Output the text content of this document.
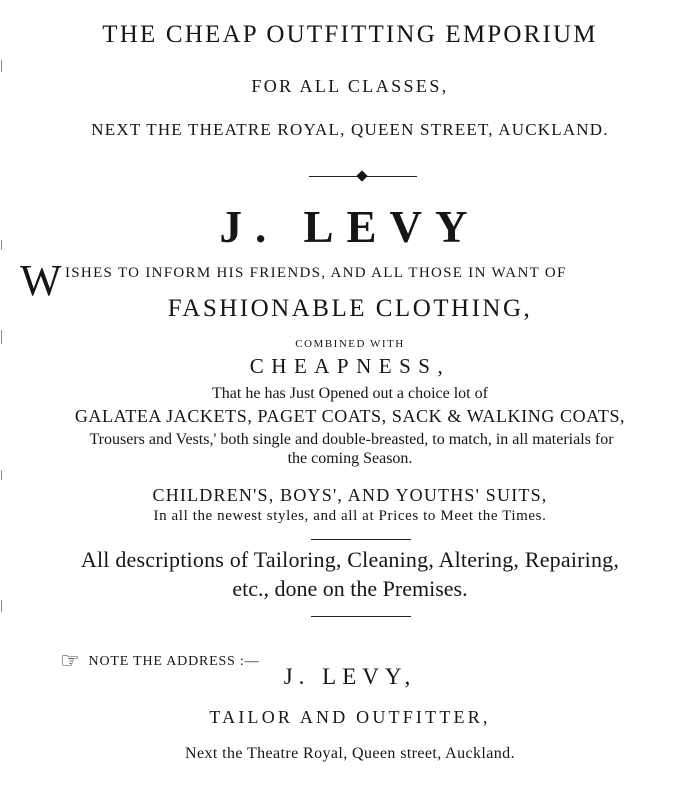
THE CHEAP OUTFITTING EMPORIUM
FOR ALL CLASSES,
NEXT THE THEATRE ROYAL, QUEEN STREET, AUCKLAND.
J. LEVY
W ISHES TO INFORM HIS FRIENDS, AND ALL THOSE IN WANT OF
FASHIONABLE CLOTHING,
COMBINED WITH
CHEAPNESS,
That he has Just Opened out a choice lot of
GALATEA JACKETS, PAGET COATS, SACK & WALKING COATS,
Trousers and Vests,' both single and double-breasted, to match, in all materials for
the coming Season.
CHILDREN'S, BOYS', AND YOUTHS' SUITS,
In all the newest styles, and all at Prices to Meet the Times.
All descriptions of Tailoring, Cleaning, Altering, Repairing,
etc., done on the Premises.
☞ NOTE THE ADDRESS :—
J. LEVY,
TAILOR AND OUTFITTER,
Next the Theatre Royal, Queen street, Auckland.
